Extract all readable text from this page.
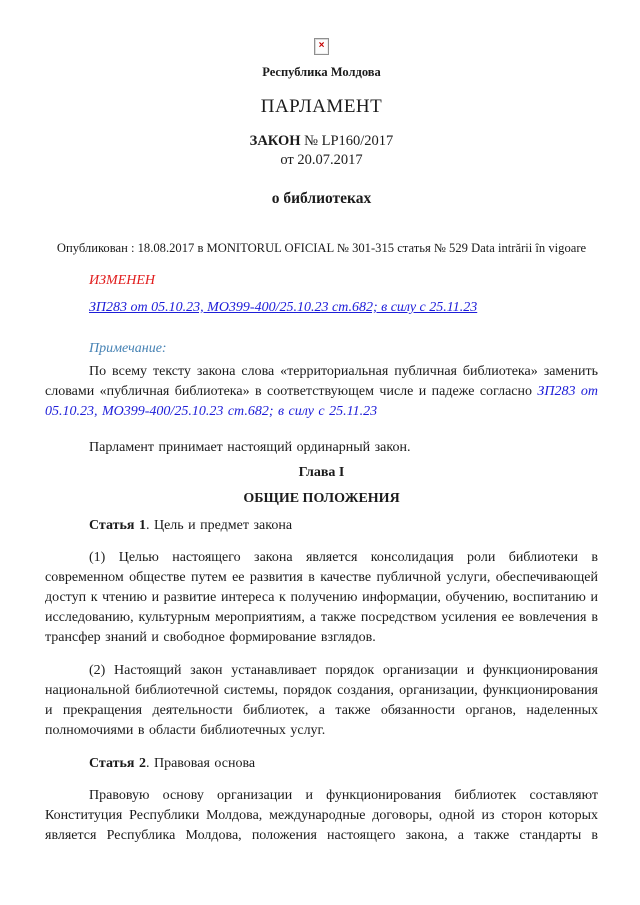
×
Республика Молдова
ПАРЛАМЕНТ
ЗАКОН № LP160/2017
от 20.07.2017
о библиотеках
Опубликован : 18.08.2017 в MONITORUL OFICIAL № 301-315 статья № 529 Data intrării în vigoare
ИЗМЕНЕН
ЗП283 от 05.10.23, МО399-400/25.10.23 ст.682; в силу с 25.11.23
Примечание:

По всему тексту закона слова «территориальная публичная библиотека» заменить словами «публичная библиотека» в соответствующем числе и падеже согласно ЗП283 от 05.10.23, МО399-400/25.10.23 ст.682; в силу с 25.11.23

Парламент принимает настоящий ординарный закон.

Глава I
ОБЩИЕ ПОЛОЖЕНИЯ

Статья 1. Цель и предмет закона

(1) Целью настоящего закона является консолидация роли библиотеки в современном обществе путем ее развития в качестве публичной услуги, обеспечивающей доступ к чтению и развитие интереса к получению информации, обучению, воспитанию и исследованию, культурным мероприятиям, а также посредством усиления ее вовлечения в трансфер знаний и свободное формирование взглядов.

(2) Настоящий закон устанавливает порядок организации и функционирования национальной библиотечной системы, порядок создания, организации, функционирования и прекращения деятельности библиотек, а также обязанности органов, наделенных полномочиями в области библиотечных услуг.

Статья 2. Правовая основа

Правовую основу организации и функционирования библиотек составляют Конституция Республики Молдова, международные договоры, одной из сторон которых является Республика Молдова, положения настоящего закона, а также стандарты в
